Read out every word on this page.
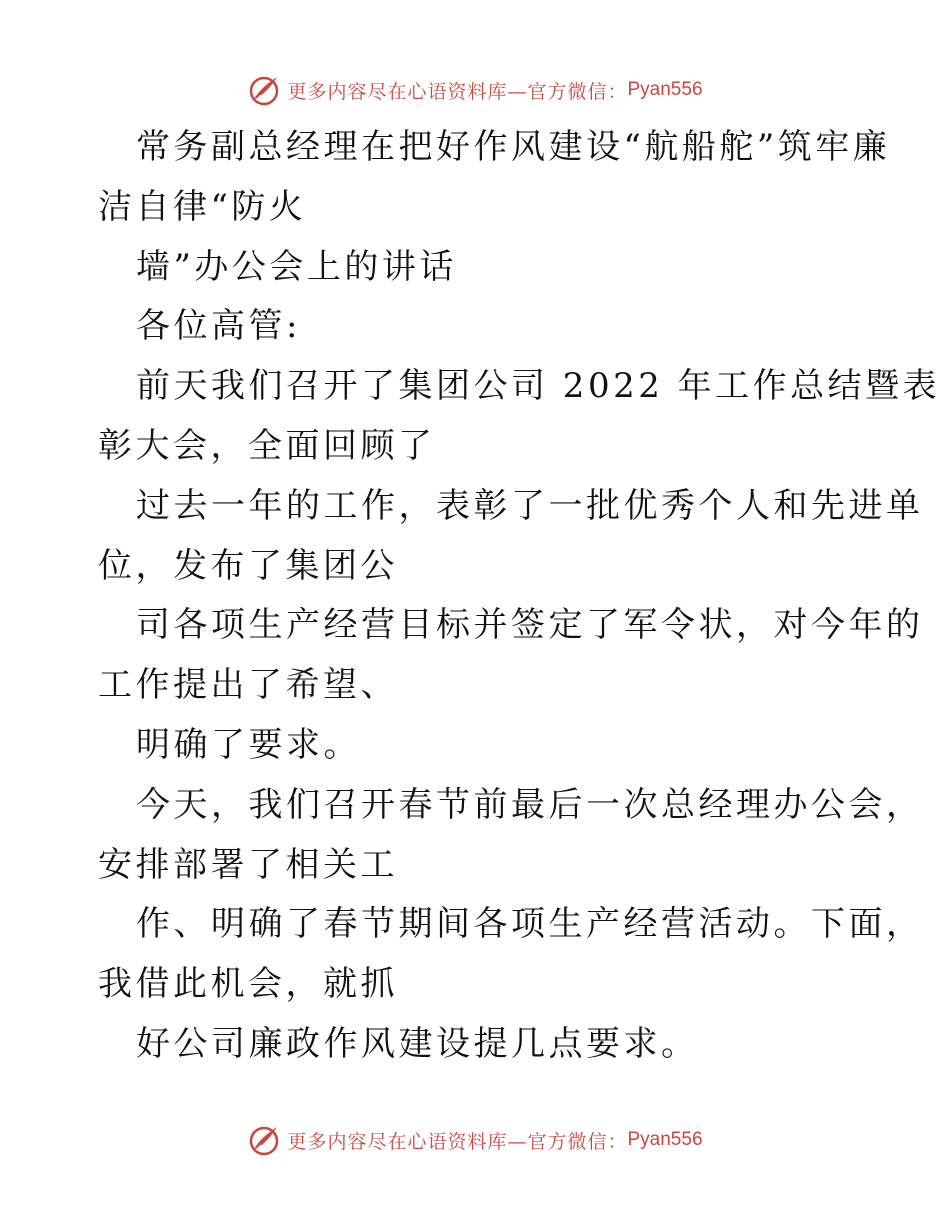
更多内容尽在心语资料库—官方微信： Pyan556
常务副总经理在把好作风建设“航船舵”筑牢廉
洁自律“防火
墙”办公会上的讲话
各位高管:
前天我们召开了集团公司 2022 年工作总结暨表
彰大会，全面回顾了
过去一年的工作，表彰了一批优秀个人和先进单
位，发布了集团公
司各项生产经营目标并签定了军令状，对今年的
工作提出了希望、
明确了要求。
今天，我们召开春节前最后一次总经理办公会，
安排部署了相关工
作、明确了春节期间各项生产经营活动。下面，
我借此机会，就抓
好公司廉政作风建设提几点要求。
更多内容尽在心语资料库—官方微信： Pyan556
